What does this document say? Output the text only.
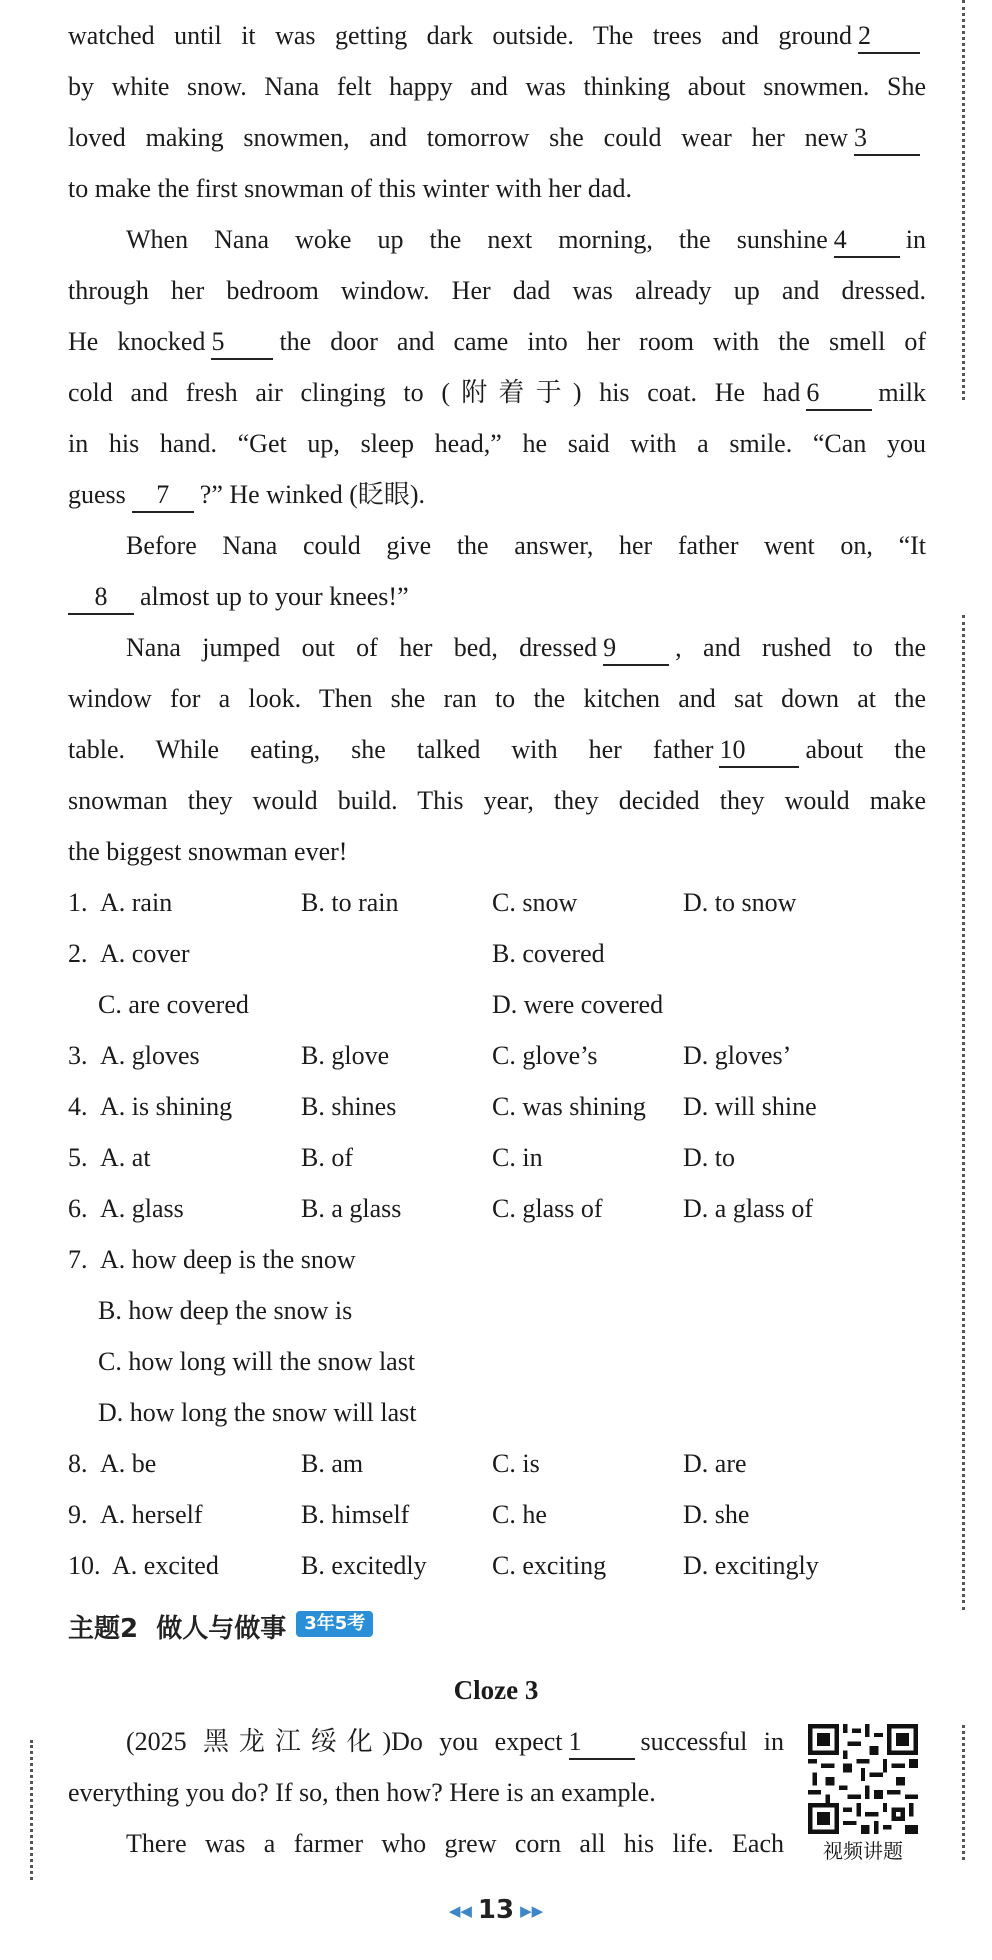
watched until it was getting dark outside. The trees and ground 2
by white snow. Nana felt happy and was thinking about snowmen. She
loved making snowmen, and tomorrow she could wear her new 3
to make the first snowman of this winter with her dad.
When Nana woke up the next morning, the sunshine 4 in
through her bedroom window. Her dad was already up and dressed.
He knocked 5 the door and came into her room with the smell of
cold and fresh air clinging to (附着于) his coat. He had 6 milk
in his hand. “Get up, sleep head,” he said with a smile. “Can you
guess 7 ?” He winked (眨眼).
Before Nana could give the answer, her father went on, “It
8 almost up to your knees!”
Nana jumped out of her bed, dressed 9 , and rushed to the
window for a look. Then she ran to the kitchen and sat down at the
table. While eating, she talked with her father 10 about the
snowman they would build. This year, they decided they would make
the biggest snowman ever!
1. A. rain	B. to rain	C. snow	D. to snow
2. A. cover	B. covered
C. are covered	D. were covered
3. A. gloves	B. glove	C. glove’s	D. gloves’
4. A. is shining	B. shines	C. was shining D. will shine
5. A. at	B. of	C. in	D. to
6. A. glass	B. a glass	C. glass of	D. a glass of
7. A. how deep is the snow
B. how deep the snow is
C. how long will the snow last
D. how long the snow will last
8. A. be	B. am	C. is	D. are
9. A. herself	B. himself	C. he	D. she
10. A. excited	B. excitedly	C. exciting	D. excitingly
主题2  做人与做事 3年5考
Cloze 3
(2025 黑龙江绥化)Do you expect 1 successful in
everything you do? If so, then how? Here is an example.
There was a farmer who grew corn all his life. Each	视频讲题
◀◀ 13 ▶▶
